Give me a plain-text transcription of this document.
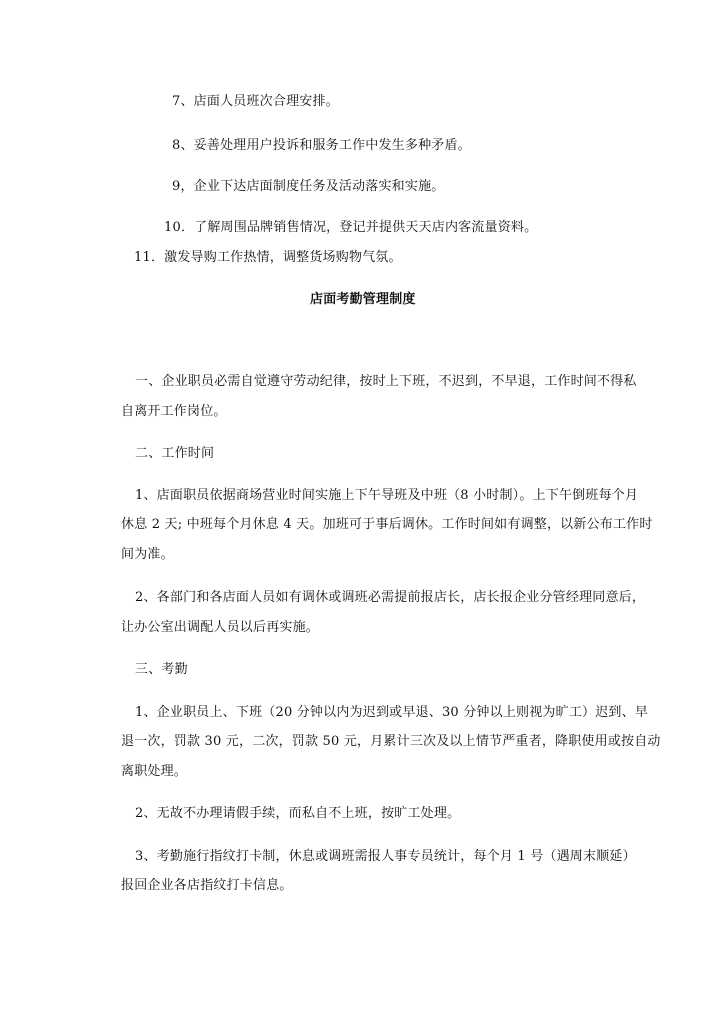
7、店面人员班次合理安排。
8、妥善处理用户投诉和服务工作中发生多种矛盾。
9，企业下达店面制度任务及活动落实和实施。
10．了解周围品牌销售情况，登记并提供天天店内客流量资料。
11．激发导购工作热情，调整货场购物气氛。
店面考勤管理制度
一、企业职员必需自觉遵守劳动纪律，按时上下班，不迟到，不早退，工作时间不得私
自离开工作岗位。
二、工作时间
1、店面职员依据商场营业时间实施上下午导班及中班（8 小时制）。上下午倒班每个月
休息 2 天; 中班每个月休息 4 天。加班可于事后调休。工作时间如有调整，以新公布工作时
间为准。
2、各部门和各店面人员如有调休或调班必需提前报店长，店长报企业分管经理同意后，
让办公室出调配人员以后再实施。
三、考勤
1、企业职员上、下班（20 分钟以内为迟到或早退、30 分钟以上则视为旷工）迟到、早
退一次，罚款 30 元，二次，罚款 50 元，月累计三次及以上情节严重者，降职使用或按自动
离职处理。
2、无故不办理请假手续，而私自不上班，按旷工处理。
3、考勤施行指纹打卡制，休息或调班需报人事专员统计，每个月 1 号（遇周末顺延）
报回企业各店指纹打卡信息。
